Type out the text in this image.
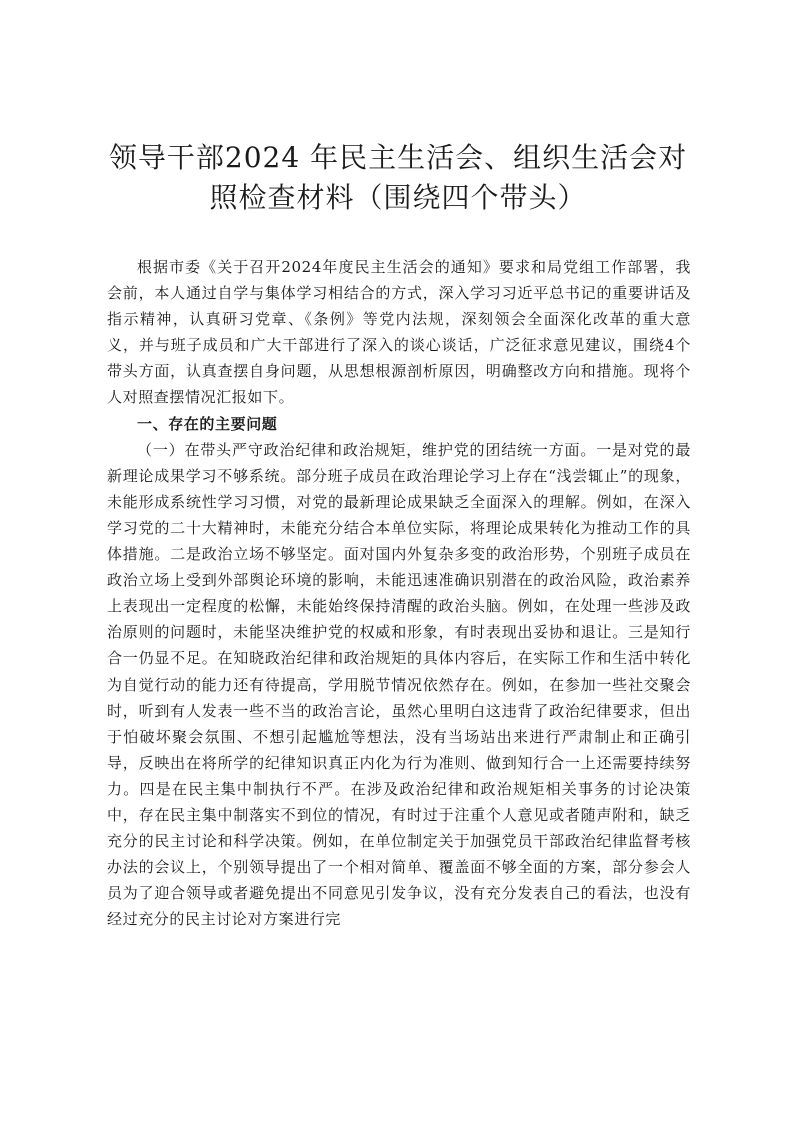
领导干部2024 年民主生活会、组织生活会对
照检查材料（围绕四个带头）

根据市委《关于召开2024年度民主生活会的通知》要求和局党组工作部署，我会前，本人通过自学与集体学习相结合的方式，深入学习习近平总书记的重要讲话及指示精神，认真研习党章、《条例》等党内法规，深刻领会全面深化改革的重大意义，并与班子成员和广大干部进行了深入的谈心谈话，广泛征求意见建议，围绕4个带头方面，认真查摆自身问题，从思想根源剖析原因，明确整改方向和措施。现将个人对照查摆情况汇报如下。

一、存在的主要问题

（一）在带头严守政治纪律和政治规矩，维护党的团结统一方面。一是对党的最新理论成果学习不够系统。部分班子成员在政治理论学习上存在“浅尝辄止”的现象，未能形成系统性学习习惯，对党的最新理论成果缺乏全面深入的理解。例如，在深入学习党的二十大精神时，未能充分结合本单位实际，将理论成果转化为推动工作的具体措施。二是政治立场不够坚定。面对国内外复杂多变的政治形势，个别班子成员在政治立场上受到外部舆论环境的影响，未能迅速准确识别潜在的政治风险，政治素养上表现出一定程度的松懈，未能始终保持清醒的政治头脑。例如，在处理一些涉及政治原则的问题时，未能坚决维护党的权威和形象，有时表现出妥协和退让。三是知行合一仍显不足。在知晓政治纪律和政治规矩的具体内容后，在实际工作和生活中转化为自觉行动的能力还有待提高，学用脱节情况依然存在。例如，在参加一些社交聚会时，听到有人发表一些不当的政治言论，虽然心里明白这违背了政治纪律要求，但出于怕破坏聚会氛围、不想引起尴尬等想法，没有当场站出来进行严肃制止和正确引导，反映出在将所学的纪律知识真正内化为行为准则、做到知行合一上还需要持续努力。四是在民主集中制执行不严。在涉及政治纪律和政治规矩相关事务的讨论决策中，存在民主集中制落实不到位的情况，有时过于注重个人意见或者随声附和，缺乏充分的民主讨论和科学决策。例如，在单位制定关于加强党员干部政治纪律监督考核办法的会议上，个别领导提出了一个相对简单、覆盖面不够全面的方案，部分参会人员为了迎合领导或者避免提出不同意见引发争议，没有充分发表自己的看法，也没有经过充分的民主讨论对方案进行完
